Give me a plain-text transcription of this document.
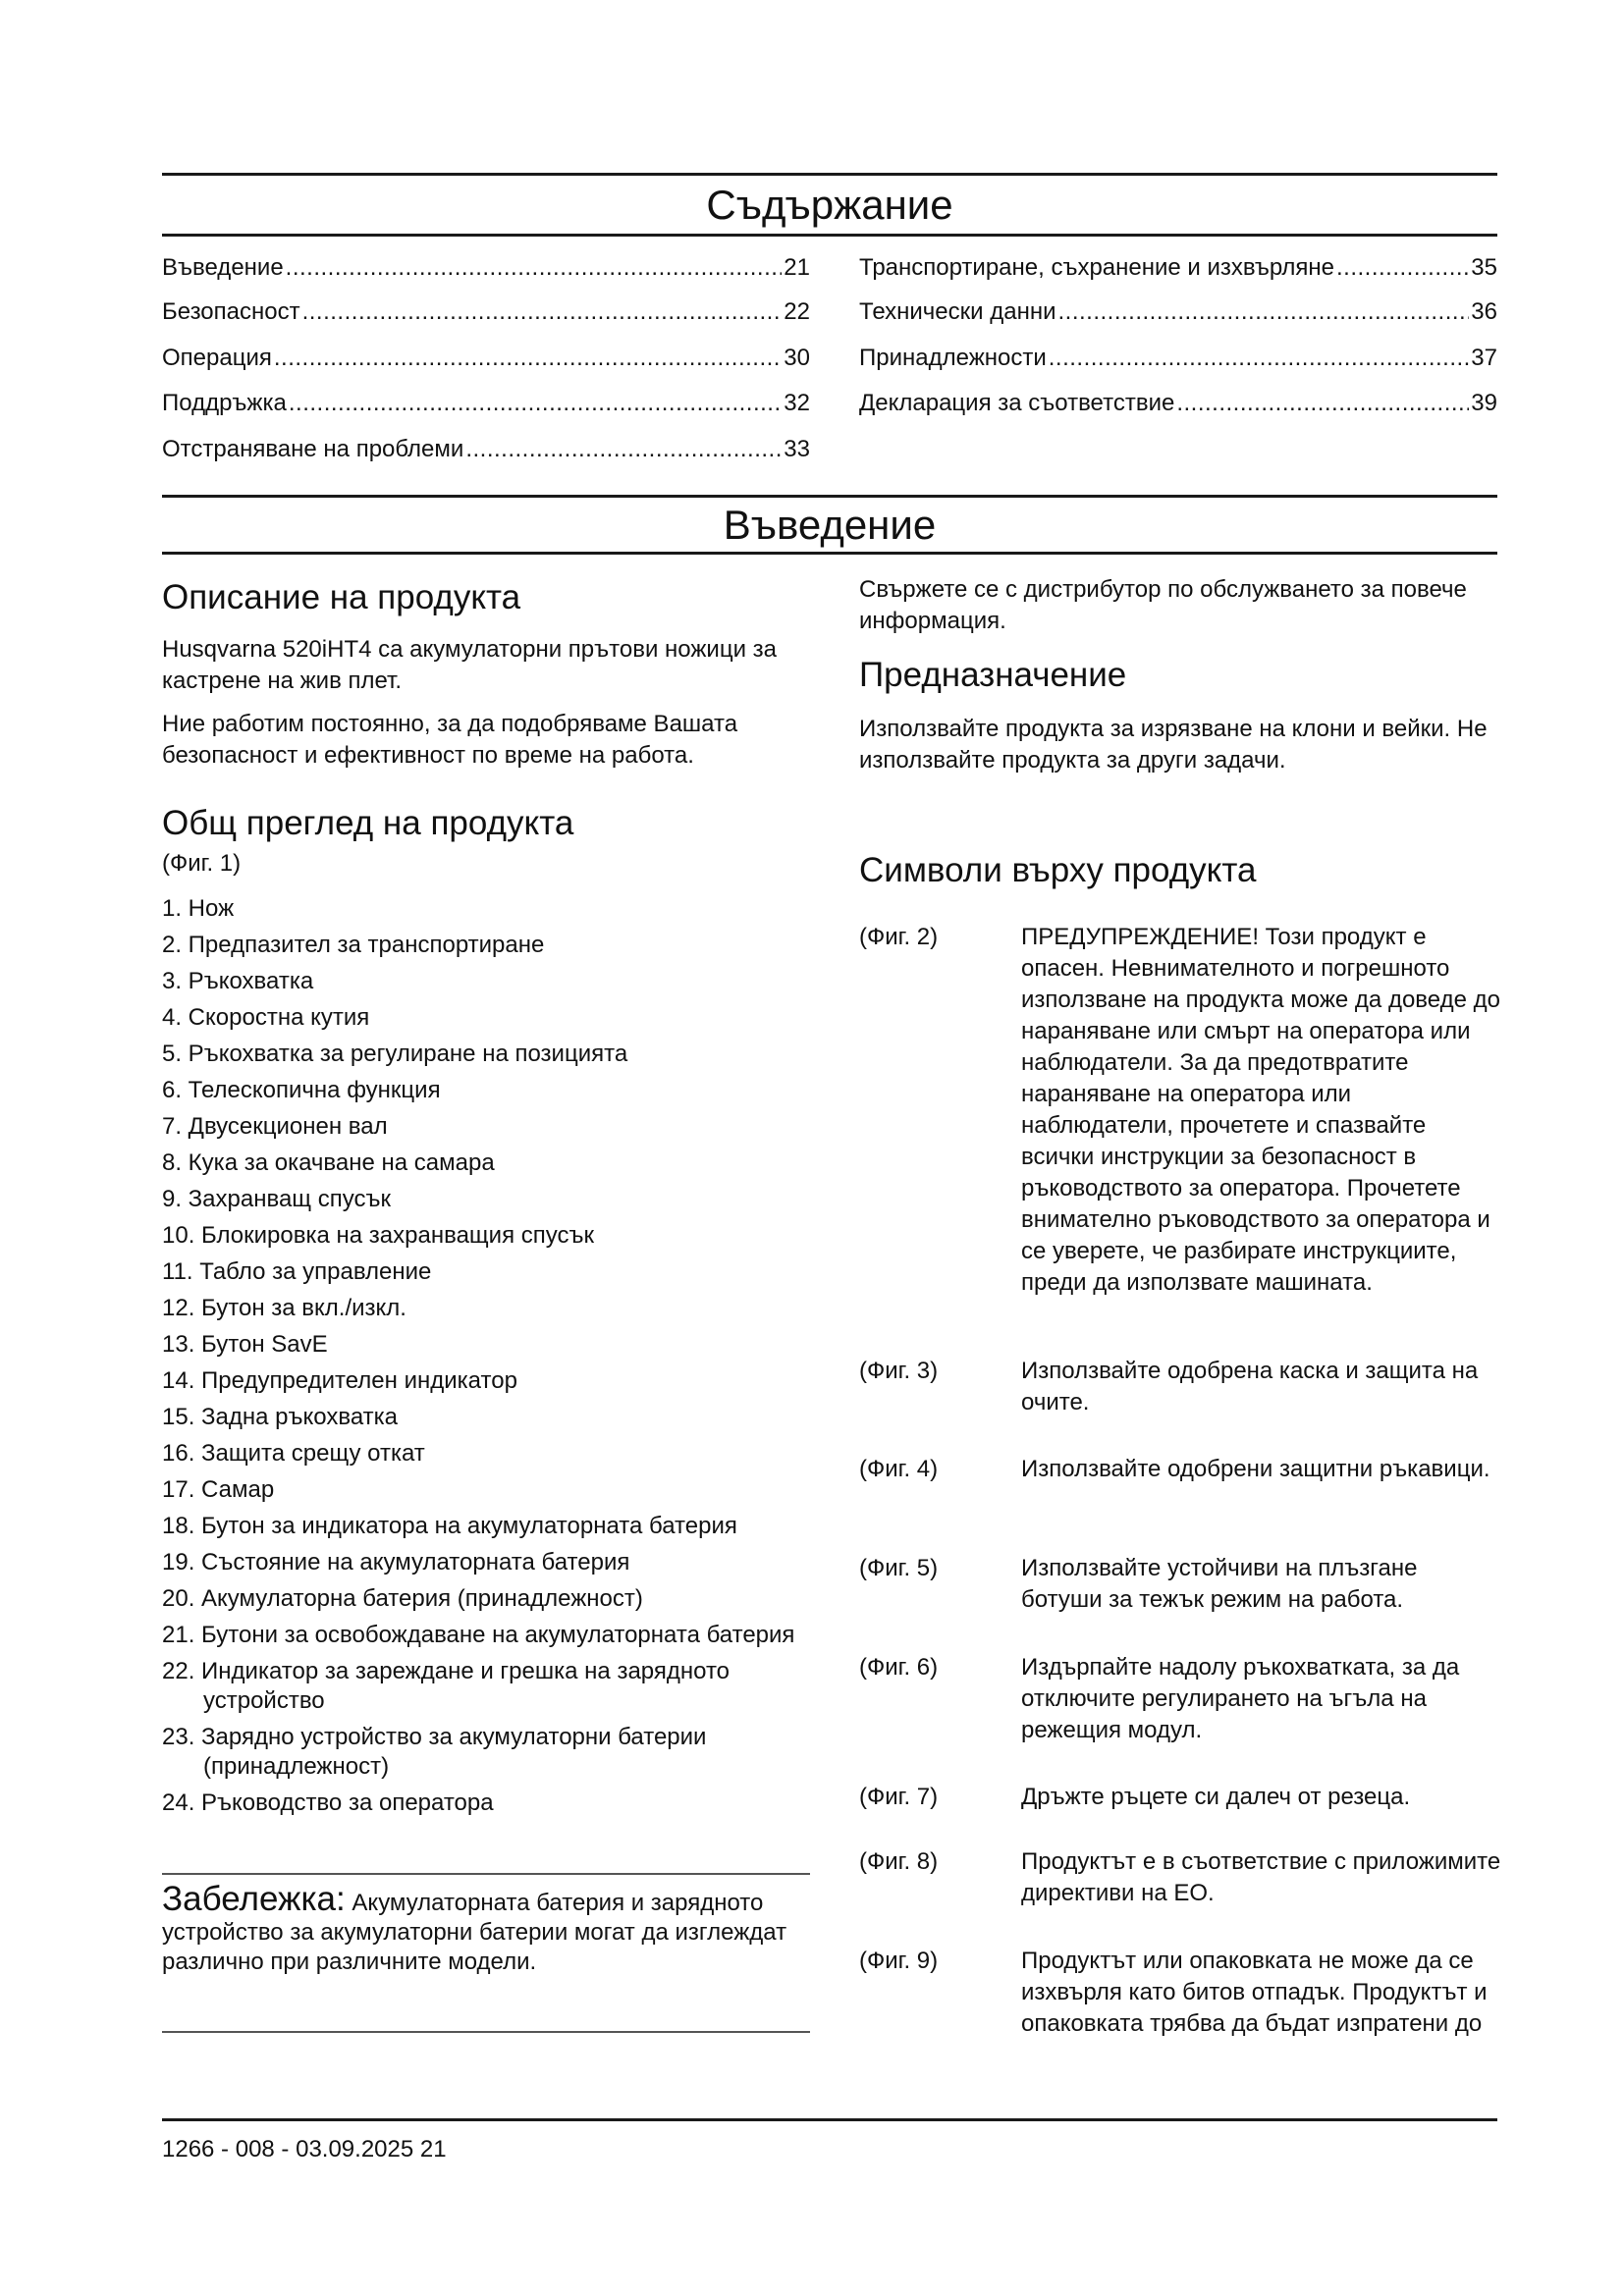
Съдържание
Въведение .....	21
Безопасност .....	22
Операция .....	30
Поддръжка .....	32
Отстраняване на проблеми .....	33
Транспортиране, съхранение и изхвърляне .....	35
Технически данни .....	36
Принадлежности .....	37
Декларация за съответствие .....	39
Въведение
Описание на продукта

Husqvarna 520iHT4 са акумулаторни прътови ножици за кастрене на жив плет.

Ние работим постоянно, за да подобряваме Вашата безопасност и ефективност по време на работа.

Общ преглед на продукта

(Фиг. 1)

1. Нож
2. Предпазител за транспортиране
3. Ръкохватка
4. Скоростна кутия
5. Ръкохватка за регулиране на позицията
6. Телескопична функция
7. Двусекционен вал
8. Кука за окачване на самара
9. Захранващ спусък
10. Блокировка на захранващия спусък
11. Табло за управление
12. Бутон за вкл./изкл.
13. Бутон SavE
14. Предупредителен индикатор
15. Задна ръкохватка
16. Защита срещу откат
17. Самар
18. Бутон за индикатора на акумулаторната батерия
19. Състояние на акумулаторната батерия
20. Акумулаторна батерия (принадлежност)
21. Бутони за освобождаване на акумулаторната батерия
22. Индикатор за зареждане и грешка на зарядното устройство
23. Зарядно устройство за акумулаторни батерии (принадлежност)
24. Ръководство за оператора

Забележка: Акумулаторната батерия и зарядното устройство за акумулаторни батерии могат да изглеждат различно при различните модели.

Свържете се с дистрибутор по обслужването за повече информация.

Предназначение

Използвайте продукта за изрязване на клони и вейки. Не използвайте продукта за други задачи.

Символи върху продукта
(Фиг. 2)	ПРЕДУПРЕЖДЕНИЕ! Този продукт е опасен. Невнимателното и погрешното използване на продукта може да доведе до нараняване или смърт на оператора или наблюдатели. За да предотвратите нараняване на оператора или наблюдатели, прочетете и спазвайте всички инструкции за безопасност в ръководството за оператора. Прочетете внимателно ръководството за оператора и се уверете, че разбирате инструкциите, преди да използвате машината.
(Фиг. 3)	Използвайте одобрена каска и защита на очите.
(Фиг. 4)	Използвайте одобрени защитни ръкавици.
(Фиг. 5)	Използвайте устойчиви на плъзгане ботуши за тежък режим на работа.
(Фиг. 6)	Издърпайте надолу ръкохватката, за да отключите регулирането на ъгъла на режещия модул.
(Фиг. 7)	Дръжте ръцете си далеч от резеца.
(Фиг. 8)	Продуктът е в съответствие с приложимите директиви на ЕО.
(Фиг. 9)	Продуктът или опаковката не може да се изхвърля като битов отпадък. Продуктът и опаковката трябва да бъдат изпратени до
1266 - 008 - 03.09.2025 21
